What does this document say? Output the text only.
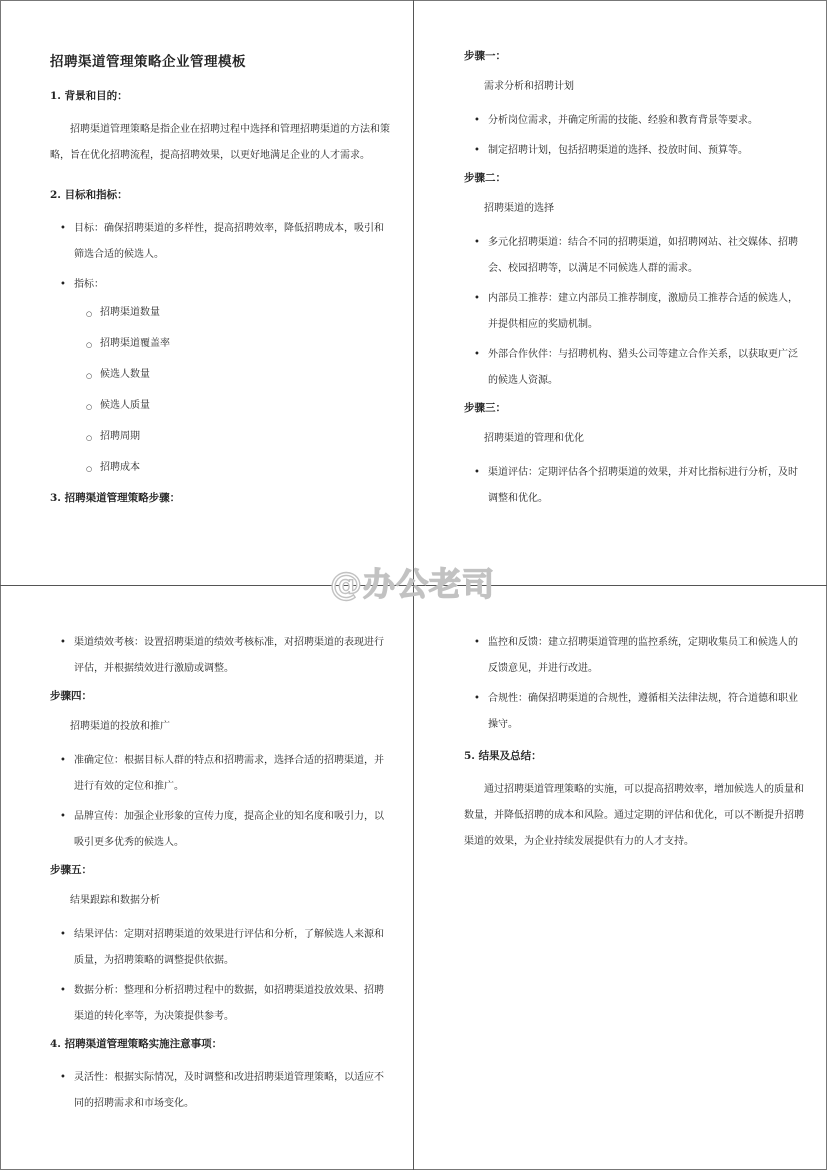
招聘渠道管理策略企业管理模板
1. 背景和目的：
招聘渠道管理策略是指企业在招聘过程中选择和管理招聘渠道的方法和策略，旨在优化招聘流程，提高招聘效果，以更好地满足企业的人才需求。
2. 目标和指标：
• 目标：确保招聘渠道的多样性，提高招聘效率，降低招聘成本，吸引和筛选合适的候选人。
• 指标：
○ 招聘渠道数量
○ 招聘渠道覆盖率
○ 候选人数量
○ 候选人质量
○ 招聘周期
○ 招聘成本
3. 招聘渠道管理策略步骤：
步骤一：
需求分析和招聘计划
• 分析岗位需求，并确定所需的技能、经验和教育背景等要求。
• 制定招聘计划，包括招聘渠道的选择、投放时间、预算等。
步骤二：
招聘渠道的选择
• 多元化招聘渠道：结合不同的招聘渠道，如招聘网站、社交媒体、招聘会、校园招聘等，以满足不同候选人群的需求。
• 内部员工推荐：建立内部员工推荐制度，激励员工推荐合适的候选人，并提供相应的奖励机制。
• 外部合作伙伴：与招聘机构、猎头公司等建立合作关系，以获取更广泛的候选人资源。
步骤三：
招聘渠道的管理和优化
• 渠道评估：定期评估各个招聘渠道的效果，并对比指标进行分析，及时调整和优化。
• 渠道绩效考核：设置招聘渠道的绩效考核标准，对招聘渠道的表现进行评估，并根据绩效进行激励或调整。
步骤四：
招聘渠道的投放和推广
• 准确定位：根据目标人群的特点和招聘需求，选择合适的招聘渠道，并进行有效的定位和推广。
• 品牌宣传：加强企业形象的宣传力度，提高企业的知名度和吸引力，以吸引更多优秀的候选人。
步骤五：
结果跟踪和数据分析
• 结果评估：定期对招聘渠道的效果进行评估和分析，了解候选人来源和质量，为招聘策略的调整提供依据。
• 数据分析：整理和分析招聘过程中的数据，如招聘渠道投放效果、招聘渠道的转化率等，为决策提供参考。
4. 招聘渠道管理策略实施注意事项：
• 灵活性：根据实际情况，及时调整和改进招聘渠道管理策略，以适应不同的招聘需求和市场变化。
• 监控和反馈：建立招聘渠道管理的监控系统，定期收集员工和候选人的反馈意见，并进行改进。
• 合规性：确保招聘渠道的合规性，遵循相关法律法规，符合道德和职业操守。
5. 结果及总结：
通过招聘渠道管理策略的实施，可以提高招聘效率，增加候选人的质量和数量，并降低招聘的成本和风险。通过定期的评估和优化，可以不断提升招聘渠道的效果，为企业持续发展提供有力的人才支持。
@办公老司
